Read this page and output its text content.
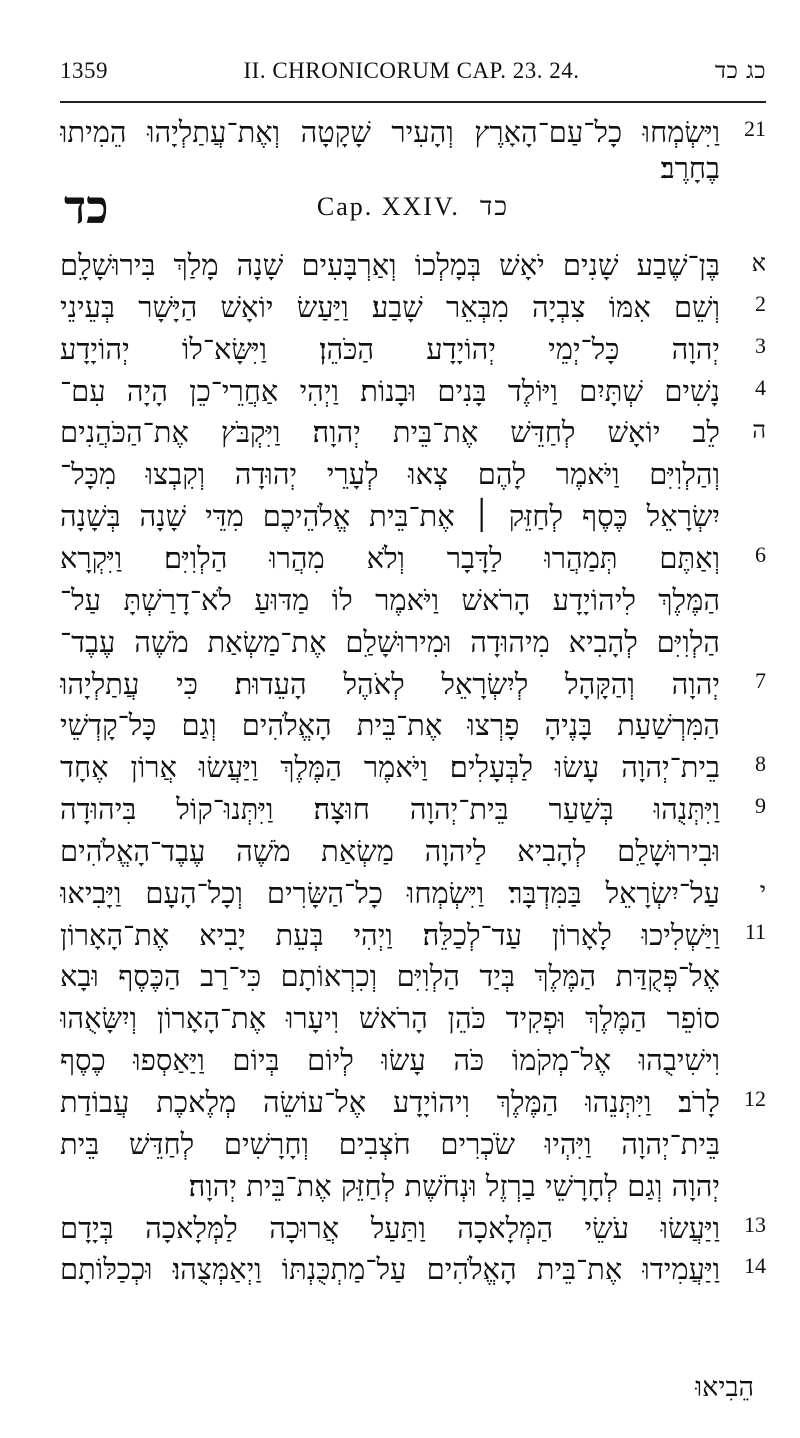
1359	II. CHRONICORUM CAP. 23. 24.	כג כד
וַיִּשְׂמְחוּ כָל־עַם־הָאָרֶץ וְהָעִיר שָׁקָטָה וְאֶת־עֲתַלְיָהוּ הֵמִיתוּ	21
בֶחָרֶב׃
בֶּן־שֶׁבַע שָׁנִים יֹאָשׁ בְּמָלְכוֹ וְאַרְבָּעִים שָׁנָה מָלַךְ בִּירוּשָׁלָ͏ִם	א
וְשֵׁם אִמּוֹ צִבְיָה מִבְּאֵר שָׁבַע׃ וַיַּעַשׂ יוֹאָשׁ הַיָּשָׁר בְּעֵינֵי	2
יְהוָה כָּל־יְמֵי יְהוֹיָדָע הַכֹּהֵן׃ וַיִּשָּׂא־לוֹ יְהוֹיָדָע	3
נָשִׁים שְׁתָּיִם וַיּוֹלֶד בָּנִים וּבָנוֹת׃ וַיְהִי אַחֲרֵי־כֵן הָיָה עִם־	4
לֵב יוֹאָשׁ לְחַדֵּשׁ אֶת־בֵּית יְהוָה׃ וַיִּקְבֹּץ אֶת־הַכֹּהֲנִים	ה
וְהַלְוִיִּם וַיֹּאמֶר לָהֶם צְאוּ לְעָרֵי יְהוּדָה וְקִבְצוּ מִכָּל־
יִשְׂרָאֵל כֶּסֶף לְחַזֵּק ׀ אֶת־בֵּית אֱלֹהֵיכֶם מִדֵּי שָׁנָה בְּשָׁנָה
וְאַתֶּם תְּמַהֲרוּ לַדָּבָר וְלֹא מִהֲרוּ הַלְוִיִּם׃ וַיִּקְרָא	6
הַמֶּלֶךְ לִיהוֹיָדָע הָרֹאשׁ וַיֹּאמֶר לוֹ מַדּוּעַ לֹא־דָרַשְׁתָּ עַל־
הַלְוִיִּם לְהָבִיא מִיהוּדָה וּמִירוּשָׁלַ͏ִם אֶת־מַשְׂאַת מֹשֶׁה עֶבֶד־
יְהוָה וְהַקָּהָל לְיִשְׂרָאֵל לְאֹהֶל הָעֵדוּת׃ כִּי עֲתַלְיָהוּ	7
הַמִּרְשַׁעַת בָּנֶיהָ פָרְצוּ אֶת־בֵּית הָאֱלֹהִים וְגַם כָּל־קָדְשֵׁי
בֵית־יְהוָה עָשׂוּ לַבְּעָלִים׃ וַיֹּאמֶר הַמֶּלֶךְ וַיַּעֲשׂוּ אֲרוֹן אֶחָד	8
וַיִּתְּנֻהוּ בְּשַׁעַר בֵּית־יְהוָה חוּצָה׃ וַיִּתְּנוּ־קוֹל בִּיהוּדָה	9
וּבִירוּשָׁלַ͏ִם לְהָבִיא לַיהוָה מַשְׂאַת מֹשֶׁה עֶבֶד־הָאֱלֹהִים
עַל־יִשְׂרָאֵל בַּמִּדְבָּר׃ וַיִּשְׂמְחוּ כָל־הַשָּׂרִים וְכָל־הָעָם וַיָּבִיאוּ	י
וַיַּשְׁלִיכוּ לָאָרוֹן עַד־לְכַלֵּה׃ וַיְהִי בְּעֵת יָבִיא אֶת־הָאָרוֹן	11
אֶל־פְּקֻדַּת הַמֶּלֶךְ בְּיַד הַלְוִיִּם וְכִרְאוֹתָם כִּי־רַב הַכֶּסֶף וּבָא
סוֹפֵר הַמֶּלֶךְ וּפְקִיד כֹּהֵן הָרֹאשׁ וִיעָרוּ אֶת־הָאָרוֹן וְיִשָּׂאֻהוּ
וִישִׁיבֻהוּ אֶל־מְקֹמוֹ כֹּה עָשׂוּ לְיוֹם בְּיוֹם וַיַּאַסְפוּ כֶסֶף
לָרֹב׃ וַיִּתְּנֵהוּ הַמֶּלֶךְ וִיהוֹיָדָע אֶל־עוֹשֵׂה מְלֶאכֶת עֲבוֹדַת	12
בֵּית־יְהוָה וַיִּהְיוּ שֹׂכְרִים חֹצְבִים וְחָרָשִׁים לְחַדֵּשׁ בֵּית
יְהוָה וְגַם לְחָרָשֵׁי בַרְזֶל וּנְחֹשֶׁת לְחַזֵּק אֶת־בֵּית יְהוָה׃
וַיַּעֲשׂוּ עֹשֵׂי הַמְּלָאכָה וַתַּעַל אֲרוּכָה לַמְּלָאכָה בְּיָדָם	13
וַיַּעֲמִידוּ אֶת־בֵּית הָאֱלֹהִים עַל־מַתְכֻּנְתּוֹ וַיְאַמְּצֻהוּ׃ וּכְכַלּוֹתָם	14
הֵבִיאוּ
כד	Cap. XXIV. כד
